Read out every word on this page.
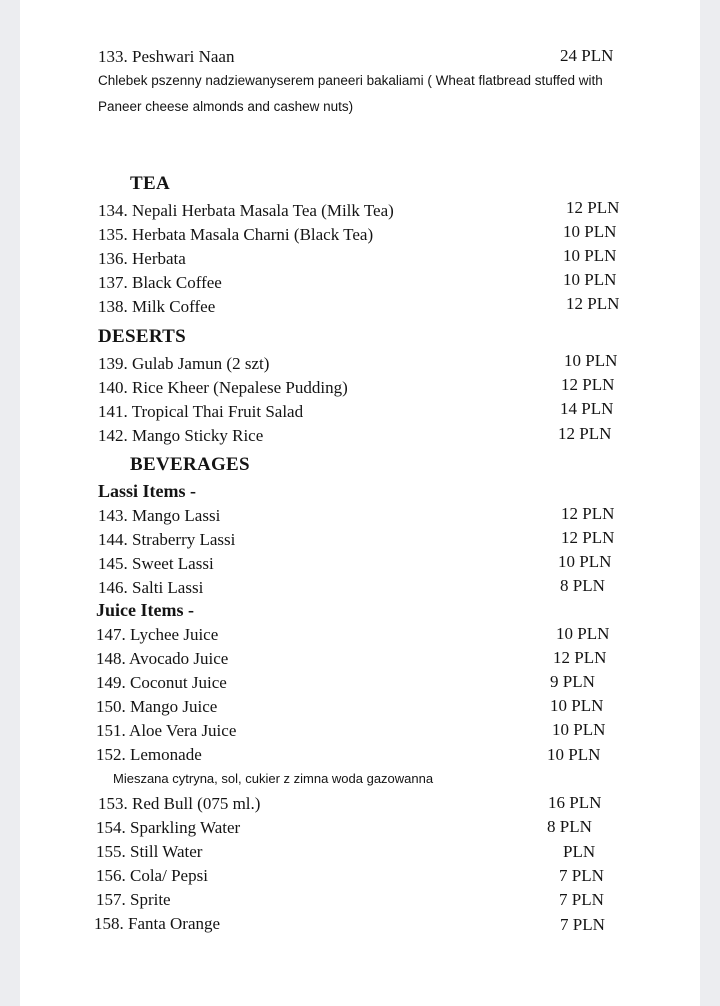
133. Peshwari Naan	24 PLN
Chlebek pszenny nadziewanyserem paneeri bakaliami ( Wheat flatbread stuffed with
Paneer cheese almonds and cashew nuts)
TEA
134. Nepali Herbata Masala Tea (Milk Tea)	12 PLN
135. Herbata Masala Charni (Black Tea)	10 PLN
136. Herbata	10 PLN
137. Black Coffee	10 PLN
138. Milk Coffee	12 PLN
DESERTS
139. Gulab Jamun (2 szt)	10 PLN
140. Rice Kheer (Nepalese Pudding)	12 PLN
141. Tropical Thai Fruit Salad	14 PLN
142. Mango Sticky Rice	12 PLN
BEVERAGES
Lassi Items -
143. Mango Lassi	12 PLN
144. Straberry Lassi	12 PLN
145. Sweet Lassi	10 PLN
146. Salti Lassi	8 PLN
Juice Items -
147. Lychee Juice	10 PLN
148. Avocado Juice	12 PLN
149. Coconut Juice	9 PLN
150. Mango Juice	10 PLN
151. Aloe Vera Juice	10 PLN
152. Lemonade	10 PLN
Mieszana cytryna, sol, cukier z zimna woda gazowanna
153. Red Bull (075 ml.)	16 PLN
154. Sparkling Water	8 PLN
155. Still Water	PLN
156. Cola/ Pepsi	7 PLN
157. Sprite	7 PLN
158. Fanta Orange	7 PLN
